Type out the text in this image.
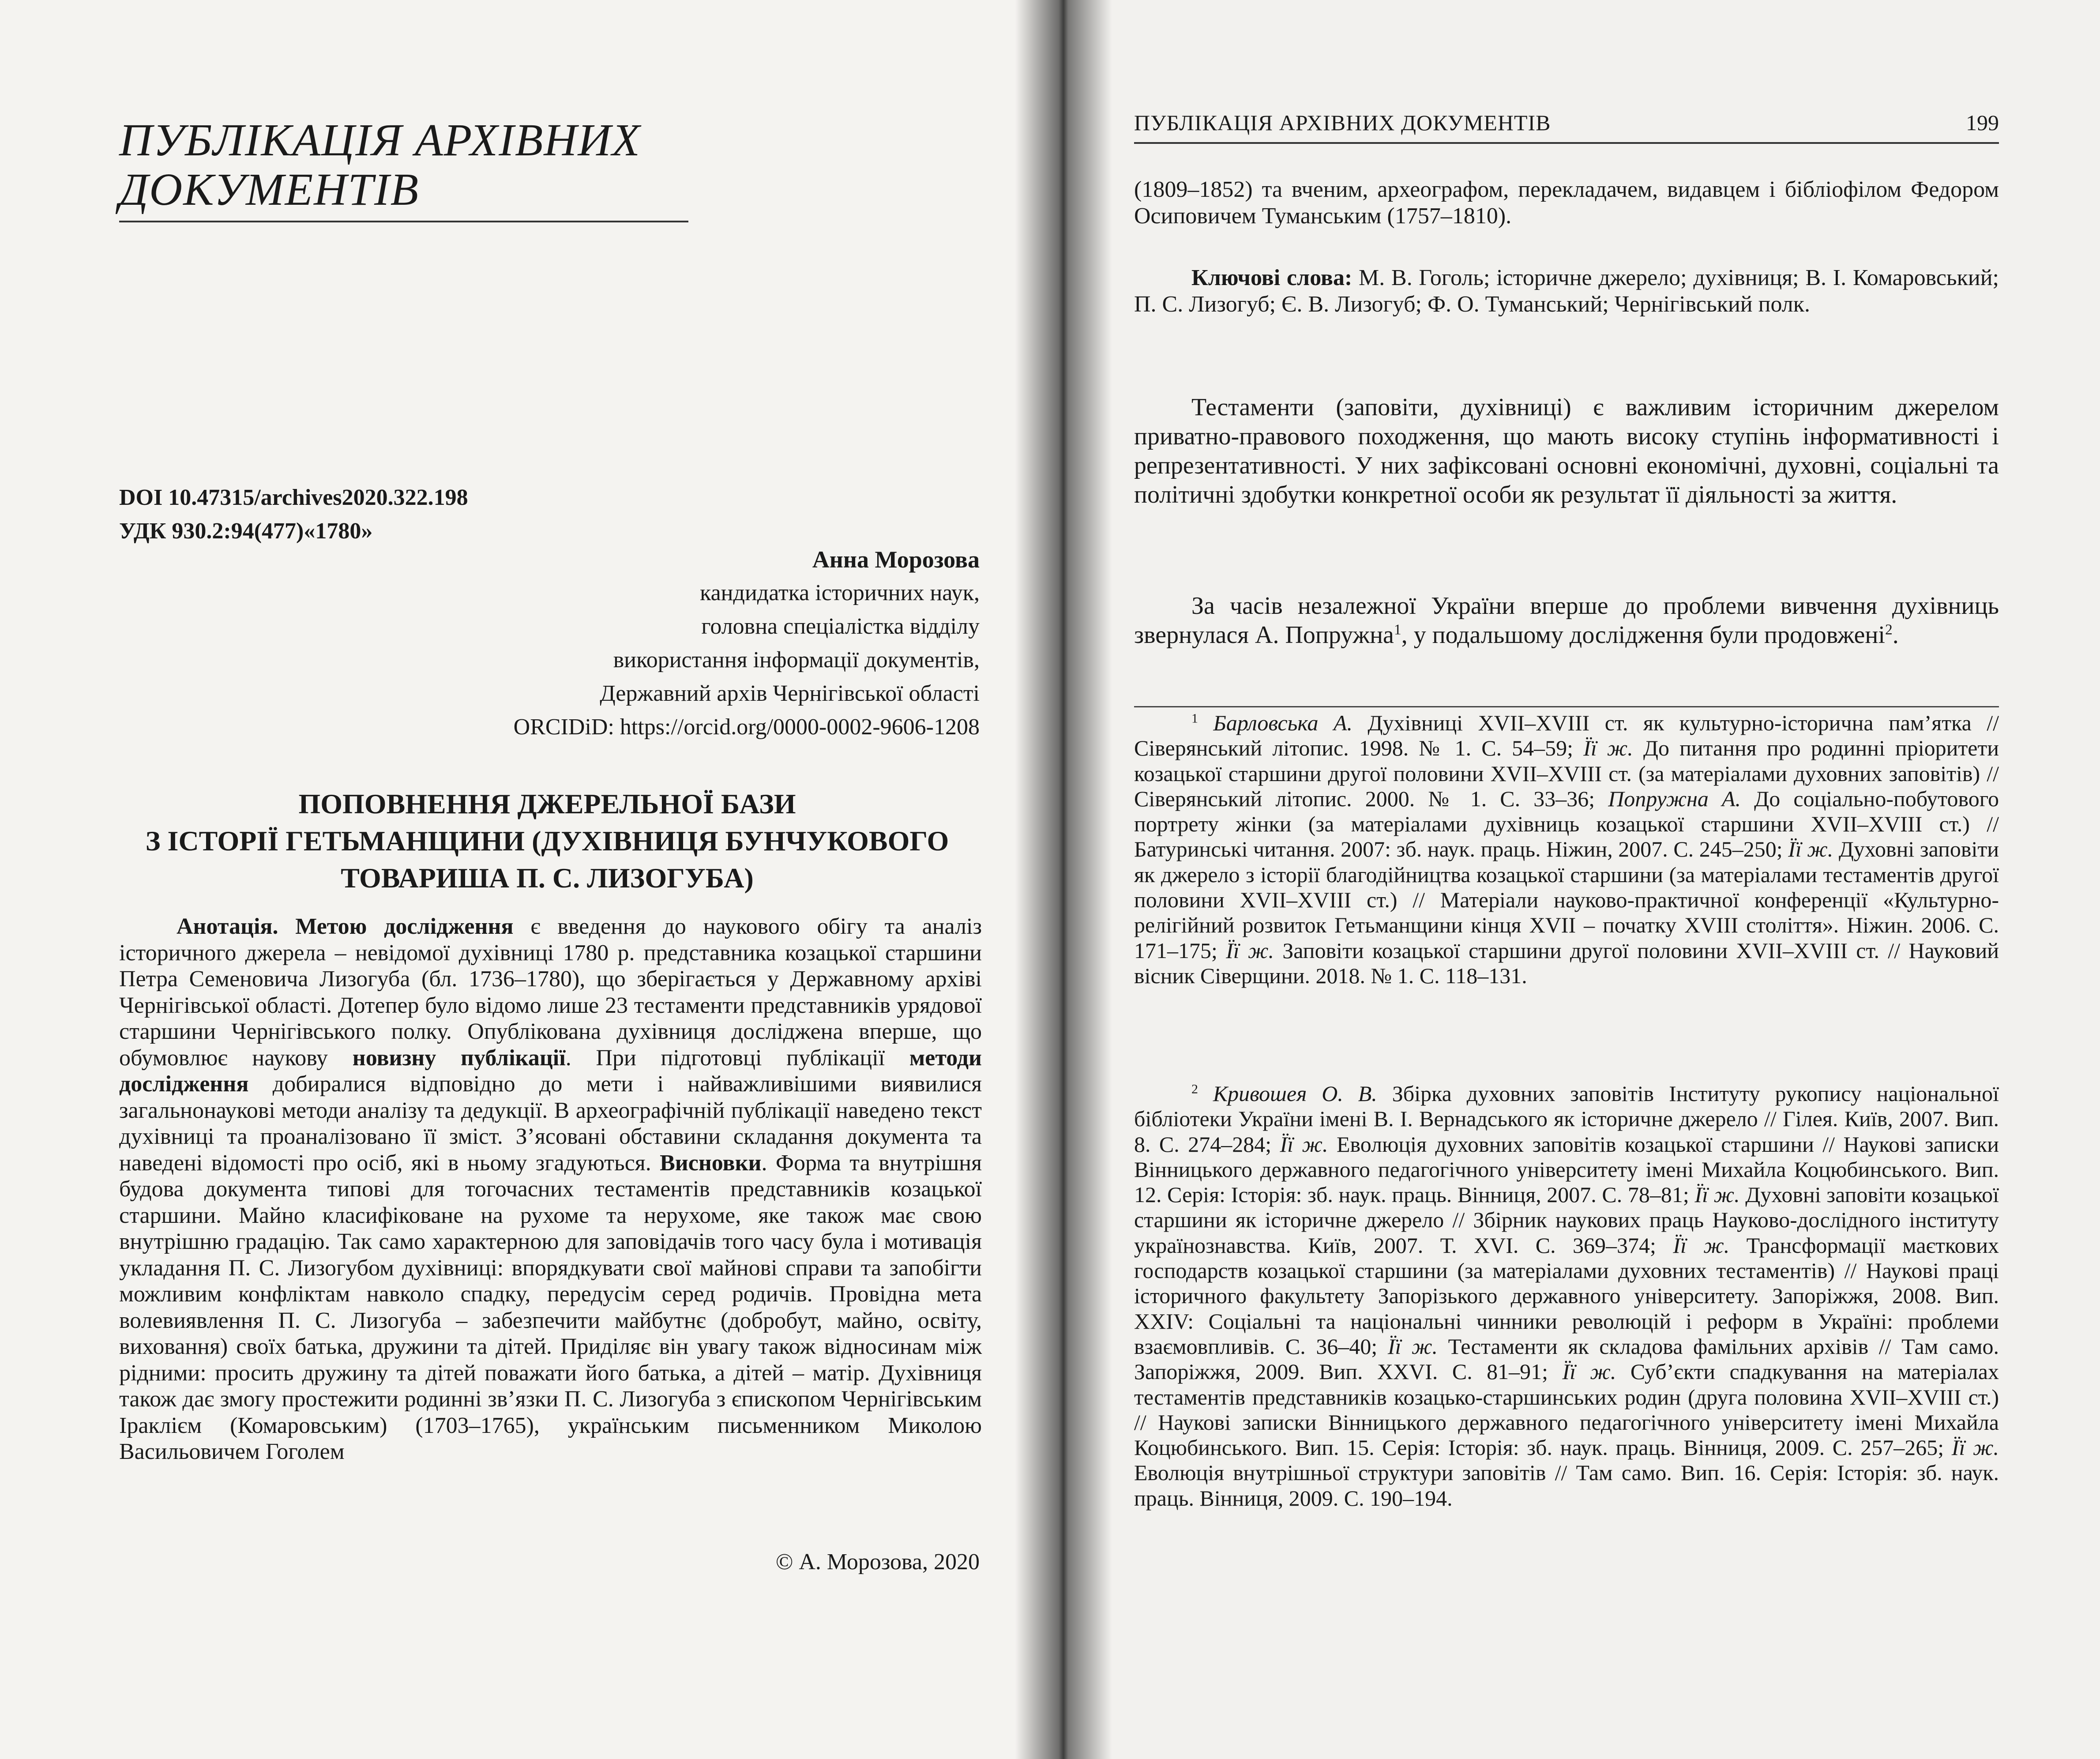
ПУБЛІКАЦІЯ АРХІВНИХ
ДОКУМЕНТІВ
DOI 10.47315/archives2020.322.198
УДК 930.2:94(477)«1780»
Анна Морозова
кандидатка історичних наук,
головна спеціалістка відділу
використання інформації документів,
Державний архів Чернігівської області
ORCIDiD: https://orcid.org/0000-0002-9606-1208
ПОПОВНЕННЯ ДЖЕРЕЛЬНОЇ БАЗИ
З ІСТОРІЇ ГЕТЬМАНЩИНИ (ДУХІВНИЦЯ БУНЧУКОВОГО
ТОВАРИША П. С. ЛИЗОГУБА)

Анотація. Метою дослідження є введення до наукового обігу та аналіз історичного джерела – невідомої духівниці 1780 р. представника козацької старшини Петра Семеновича Лизогуба (бл. 1736–1780), що зберігається у Державному архіві Чернігівської області. Дотепер було відомо лише 23 тестаменти представників урядової старшини Чернігівського полку. Опублікована духівниця досліджена вперше, що обумовлює наукову новизну публікації. При підготовці публікації методи дослідження добиралися відповідно до мети і найважливішими виявилися загальнонаукові методи аналізу та дедукції. В археографічній публікації наведено текст духівниці та проаналізовано її зміст. З’ясовані обставини складання документа та наведені відомості про осіб, які в ньому згадуються. Висновки. Форма та внутрішня будова документа типові для тогочасних тестаментів представників козацької старшини. Майно класифіковане на рухоме та нерухоме, яке також має свою внутрішню градацію. Так само характерною для заповідачів того часу була і мотивація укладання П. С. Лизогубом духівниці: впорядкувати свої майнові справи та запобігти можливим конфліктам навколо спадку, передусім серед родичів. Провідна мета волевиявлення П. С. Лизогуба – забезпечити майбутнє (добробут, майно, освіту, виховання) своїх батька, дружини та дітей. Приділяє він увагу також відносинам між рідними: просить дружину та дітей поважати його батька, а дітей – матір. Духівниця також дає змогу простежити родинні зв’язки П. С. Лизогуба з єпископом Чернігівським Іраклієм (Комаровським) (1703–1765), українським письменником Миколою Васильовичем Гоголем

© А. Морозова, 2020
ПУБЛІКАЦІЯ АРХІВНИХ ДОКУМЕНТІВ	199

(1809–1852) та вченим, археографом, перекладачем, видавцем і бібліофілом Федором Осиповичем Туманським (1757–1810).

Ключові слова: М. В. Гоголь; історичне джерело; духівниця; В. І. Комаровський; П. С. Лизогуб; Є. В. Лизогуб; Ф. О. Туманський; Чернігівський полк.

Тестаменти (заповіти, духівниці) є важливим історичним джерелом приватно-правового походження, що мають високу ступінь інформативності і репрезентативності. У них зафіксовані основні економічні, духовні, соціальні та політичні здобутки конкретної особи як результат її діяльності за життя.

За часів незалежної України вперше до проблеми вивчення духівниць звернулася А. Попружна$^1$, у подальшому дослідження були продовжені$^2$.

$^1$ Барловська А. Духівниці XVII–XVIII ст. як культурно-історична пам’ятка // Сіверянський літопис. 1998. № 1. С. 54–59; Її ж. До питання про родинні пріоритети козацької старшини другої половини XVII–XVIII ст. (за матеріалами духовних заповітів) // Сіверянський літопис. 2000. № 1. С. 33–36; Попружна А. До соціально-побутового портрету жінки (за матеріалами духівниць козацької старшини XVII–XVIII ст.) // Батуринські читання. 2007: зб. наук. праць. Ніжин, 2007. С. 245–250; Її ж. Духовні заповіти як джерело з історії благодійництва козацької старшини (за матеріалами тестаментів другої половини XVII–XVIII ст.) // Матеріали науково-практичної конференції «Культурно-релігійний розвиток Гетьманщини кінця XVII – початку XVIII століття». Ніжин. 2006. С. 171–175; Її ж. Заповіти козацької старшини другої половини XVII–XVIII ст. // Науковий вісник Сіверщини. 2018. № 1. С. 118–131.

$^2$ Кривошея О. В. Збірка духовних заповітів Інституту рукопису національної бібліотеки України імені В. І. Вернадського як історичне джерело // Гілея. Київ, 2007. Вип. 8. С. 274–284; Її ж. Еволюція духовних заповітів козацької старшини // Наукові записки Вінницького державного педагогічного університету імені Михайла Коцюбинського. Вип. 12. Серія: Історія: зб. наук. праць. Вінниця, 2007. С. 78–81; Її ж. Духовні заповіти козацької старшини як історичне джерело // Збірник наукових праць Науково-дослідного інституту українознавства. Київ, 2007. Т. XVI. С. 369–374; Її ж. Трансформації маєткових господарств козацької старшини (за матеріалами духовних тестаментів) // Наукові праці історичного факультету Запорізького державного університету. Запоріжжя, 2008. Вип. XXIV: Соціальні та національні чинники революцій і реформ в Україні: проблеми взаємовпливів. С. 36–40; Її ж. Тестаменти як складова фамільних архівів // Там само. Запоріжжя, 2009. Вип. XXVI. С. 81–91; Її ж. Суб’єкти спадкування на матеріалах тестаментів представників козацько-старшинських родин (друга половина XVII–XVIII ст.) // Наукові записки Вінницького державного педагогічного університету імені Михайла Коцюбинського. Вип. 15. Серія: Історія: зб. наук. праць. Вінниця, 2009. С. 257–265; Її ж. Еволюція внутрішньої структури заповітів // Там само. Вип. 16. Серія: Історія: зб. наук. праць. Вінниця, 2009. С. 190–194.
